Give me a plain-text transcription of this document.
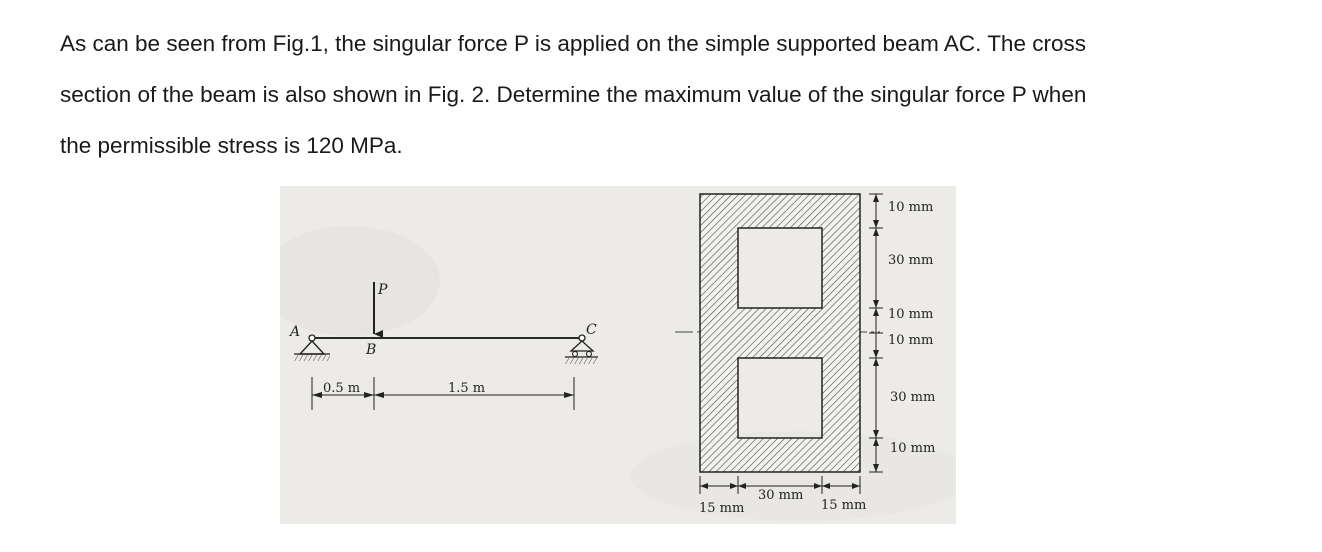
As can be seen from Fig.1, the singular force P is applied on the simple supported beam AC. The cross

section of the beam is also shown in Fig. 2. Determine the maximum value of the singular force P when

the permissible stress is 120 MPa.

P
A
B
C
0.5 m	1.5 m
10 mm
30 mm
10 mm
10 mm
30 mm
10 mm
15 mm
30 mm
15 mm
